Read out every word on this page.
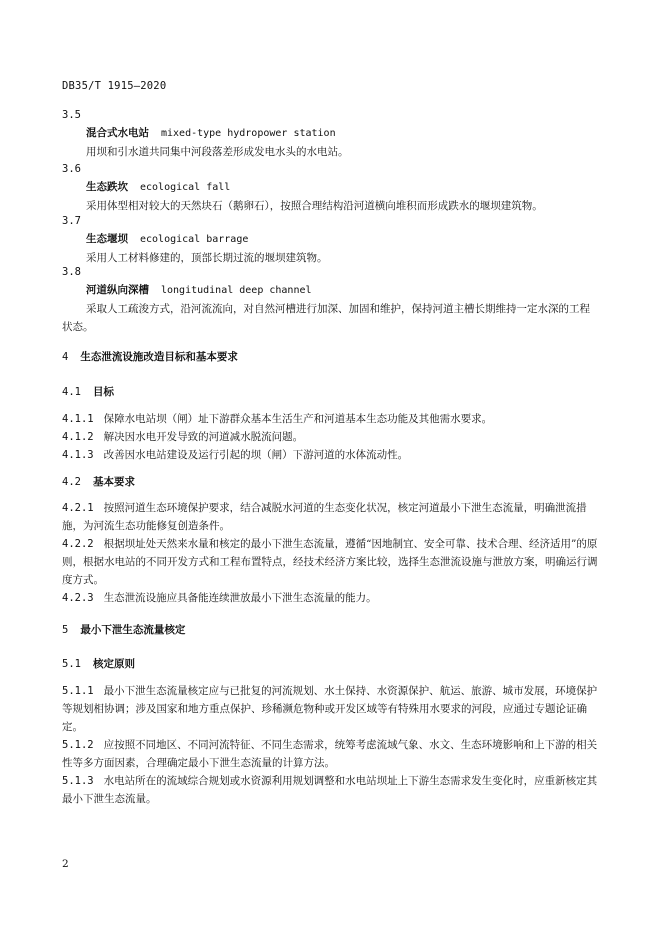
DB35/T 1915—2020
3.5
混合式水电站 mixed-type hydropower station

用坝和引水道共同集中河段落差形成发电水头的水电站。

3.6
生态跌坎 ecological fall

采用体型相对较大的天然块石（鹅卵石），按照合理结构沿河道横向堆积而形成跌水的堰坝建筑物。

3.7
生态堰坝 ecological barrage

采用人工材料修建的，顶部长期过流的堰坝建筑物。

3.8
河道纵向深槽 longitudinal deep channel

采取人工疏浚方式，沿河流流向，对自然河槽进行加深、加固和维护，保持河道主槽长期维持一定水深的工程状态。

4 生态泄流设施改造目标和基本要求
4.1 目标
4.1.1 保障水电站坝（闸）址下游群众基本生活生产和河道基本生态功能及其他需水要求。
4.1.2 解决因水电开发导致的河道减水脱流问题。
4.1.3 改善因水电站建设及运行引起的坝（闸）下游河道的水体流动性。
4.2 基本要求
4.2.1 按照河道生态环境保护要求，结合减脱水河道的生态变化状况，核定河道最小下泄生态流量，明确泄流措施，为河流生态功能修复创造条件。
4.2.2 根据坝址处天然来水量和核定的最小下泄生态流量，遵循“因地制宜、安全可靠、技术合理、经济适用”的原则，根据水电站的不同开发方式和工程布置特点，经技术经济方案比较，选择生态泄流设施与泄放方案，明确运行调度方式。
4.2.3 生态泄流设施应具备能连续泄放最小下泄生态流量的能力。
5 最小下泄生态流量核定
5.1 核定原则
5.1.1 最小下泄生态流量核定应与已批复的河流规划、水土保持、水资源保护、航运、旅游、城市发展，环境保护等规划相协调；涉及国家和地方重点保护、珍稀濒危物种或开发区域等有特殊用水要求的河段，应通过专题论证确定。
5.1.2 应按照不同地区、不同河流特征、不同生态需求，统筹考虑流域气象、水文、生态环境影响和上下游的相关性等多方面因素，合理确定最小下泄生态流量的计算方法。
5.1.3 水电站所在的流域综合规划或水资源利用规划调整和水电站坝址上下游生态需求发生变化时，应重新核定其最小下泄生态流量。
2
